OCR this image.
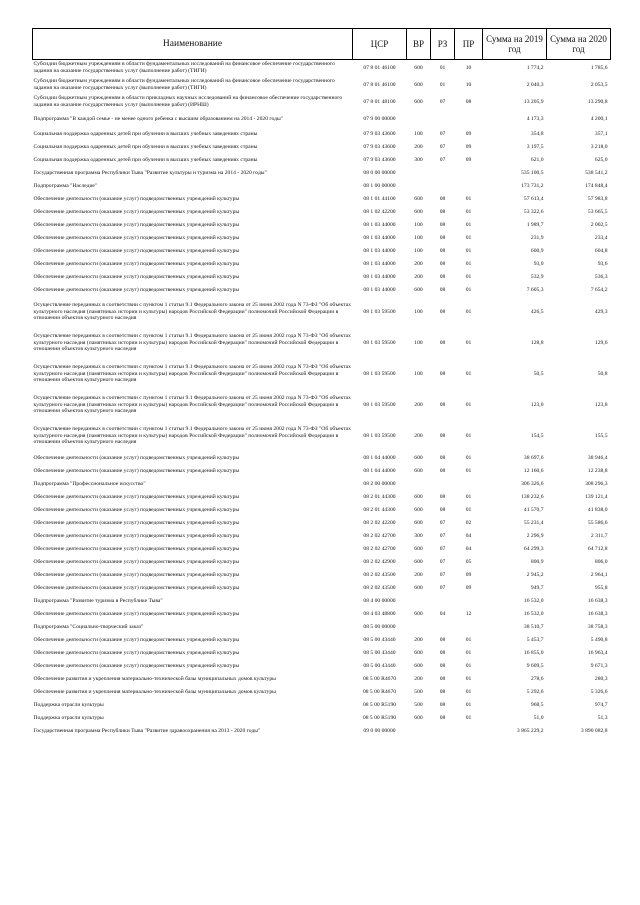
Наименование	ЦСР	ВР	РЗ	ПР	Сумма на 2019 год	Сумма на 2020 год
Субсидии бюджетным учреждениям в области фундаментальных исследований на финансовое обеспечение государственного задания на оказание государственных услуг (выполнение работ) (ТИГИ)	07 8 01 46100	600	01	10	1 774,2	1 785,6
Субсидии бюджетным учреждениям в области фундаментальных исследований на финансовое обеспечение государственного задания на оказание государственных услуг (выполнение работ) (ТИГИ)	07 8 01 46100	600	01	10	2 040,3	2 053,5
Субсидии бюджетным учреждениям в области прикладных научных исследований на финансовое обеспечение государственного задания на оказание государственных услуг (выполнение работ) (ИРНШ)	07 8 01 48100	600	07	08	13 205,9	13 290,8
Подпрограмма "В каждой семье - не менее одного ребенка с высшим образованием на 2014 - 2020 годы"	07 9 00 00000				4 173,3	4 200,1
Социальная поддержка одаренных детей при обучении в высших учебных заведениях страны	07 9 03 43600	100	07	09	354,8	357,1
Социальная поддержка одаренных детей при обучении в высших учебных заведениях страны	07 9 03 43600	200	07	09	3 197,5	3 218,0
Социальная поддержка одаренных детей при обучении в высших учебных заведениях страны	07 9 03 43600	300	07	09	621,0	625,0
Государственная программа Республики Тыва "Развитие культуры и туризма на 2014 - 2020 годы"	08 0 00 00000				535 100,5	538 541,2
Подпрограмма "Наследие"	08 1 00 00000				173 731,2	174 848,4
Обеспечение деятельности (оказание услуг) подведомственных учреждений культуры	08 1 01 44100	600	08	01	57 613,4	57 983,8
Обеспечение деятельности (оказание услуг) подведомственных учреждений культуры	08 1 02 42200	600	08	01	53 322,6	53 665,5
Обеспечение деятельности (оказание услуг) подведомственных учреждений культуры	08 1 03 44000	100	08	01	1 989,7	2 002,5
Обеспечение деятельности (оказание услуг) подведомственных учреждений культуры	08 1 03 44000	100	08	01	231,9	233,4
Обеспечение деятельности (оказание услуг) подведомственных учреждений культуры	08 1 03 44000	100	08	01	600,9	604,8
Обеспечение деятельности (оказание услуг) подведомственных учреждений культуры	08 1 03 44000	200	08	01	93,0	93,6
Обеспечение деятельности (оказание услуг) подведомственных учреждений культуры	08 1 03 44000	200	08	01	532,9	536,3
Обеспечение деятельности (оказание услуг) подведомственных учреждений культуры	08 1 03 44000	600	08	01	7 605,3	7 654,2
Осуществление переданных в соответствии с пунктом 1 статьи 9.1 Федерального закона от 25 июня 2002 года N 73-ФЗ "Об объектах культурного наследия (памятниках истории и культуры) народов Российской Федерации" полномочий Российской Федерации в отношении объектов культурного наследия	08 1 03 59500	100	08	01	426,5	429,3
Осуществление переданных в соответствии с пунктом 1 статьи 9.1 Федерального закона от 25 июня 2002 года N 73-ФЗ "Об объектах культурного наследия (памятниках истории и культуры) народов Российской Федерации" полномочий Российской Федерации в отношении объектов культурного наследия	08 1 03 59500	100	08	01	128,8	129,6
Осуществление переданных в соответствии с пунктом 1 статьи 9.1 Федерального закона от 25 июня 2002 года N 73-ФЗ "Об объектах культурного наследия (памятниках истории и культуры) народов Российской Федерации" полномочий Российской Федерации в отношении объектов культурного наследия	08 1 03 59500	100	08	01	50,5	50,8
Осуществление переданных в соответствии с пунктом 1 статьи 9.1 Федерального закона от 25 июня 2002 года N 73-ФЗ "Об объектах культурного наследия (памятниках истории и культуры) народов Российской Федерации" полномочий Российской Федерации в отношении объектов культурного наследия	08 1 03 59500	200	08	01	123,0	123,8
Осуществление переданных в соответствии с пунктом 1 статьи 9.1 Федерального закона от 25 июня 2002 года N 73-ФЗ "Об объектах культурного наследия (памятниках истории и культуры) народов Российской Федерации" полномочий Российской Федерации в отношении объектов культурного наследия	08 1 03 59500	200	08	01	154,5	155,5
Обеспечение деятельности (оказание услуг) подведомственных учреждений культуры	08 1 04 44000	600	08	01	38 697,6	38 946,4
Обеспечение деятельности (оказание услуг) подведомственных учреждений культуры	08 1 04 44000	600	08	01	12 160,6	12 238,8
Подпрограмма "Профессиональное искусство"	08 2 00 00000				306 326,6	308 296,3
Обеспечение деятельности (оказание услуг) подведомственных учреждений культуры	08 2 01 44300	600	08	01	138 232,6	139 121,4
Обеспечение деятельности (оказание услуг) подведомственных учреждений культуры	08 2 01 44300	600	08	01	41 570,7	41 838,0
Обеспечение деятельности (оказание услуг) подведомственных учреждений культуры	08 2 02 42200	600	07	02	55 231,4	55 586,6
Обеспечение деятельности (оказание услуг) подведомственных учреждений культуры	08 2 02 42700	300	07	04	2 296,9	2 311,7
Обеспечение деятельности (оказание услуг) подведомственных учреждений культуры	08 2 02 42700	600	07	04	64 299,3	64 712,8
Обеспечение деятельности (оказание услуг) подведомственных учреждений культуры	08 2 02 42900	600	07	05	800,9	806,0
Обеспечение деятельности (оказание услуг) подведомственных учреждений культуры	08 2 02 43500	200	07	09	2 945,2	2 964,1
Обеспечение деятельности (оказание услуг) подведомственных учреждений культуры	08 2 02 43500	600	07	09	949,7	955,8
Подпрограмма "Развитие туризма в Республике Тыва"	08 4 00 00000				16 532,0	16 638,3
Обеспечение деятельности (оказание услуг) подведомственных учреждений культуры	08 4 03 48800	600	04	12	16 532,0	16 638,3
Подпрограмма "Социально-творческий заказ"	08 5 00 00000				38 510,7	38 758,3
Обеспечение деятельности (оказание услуг) подведомственных учреждений культуры	08 5 00 43440	200	08	01	5 453,7	5 490,8
Обеспечение деятельности (оказание услуг) подведомственных учреждений культуры	08 5 00 43440	600	08	01	16 855,0	16 963,4
Обеспечение деятельности (оказание услуг) подведомственных учреждений культуры	08 5 00 43440	600	08	01	9 609,5	9 671,3
Обеспечение развития и укрепления материально-технической базы муниципальных домов культуры	08 5 00 R4670	200	08	01	278,6	280,3
Обеспечение развития и укрепления материально-технической базы муниципальных домов культуры	08 5 00 R4670	500	08	01	5 292,6	5 326,6
Поддержка отрасли культуры	08 5 00 R5190	500	08	01	968,5	974,7
Поддержка отрасли культуры	08 5 00 R5190	600	08	01	51,0	51,3
Государственная программа Республики Тыва "Развитие здравоохранения на 2013 - 2020 годы"	09 0 00 00000				3 865 229,2	3 890 082,8
